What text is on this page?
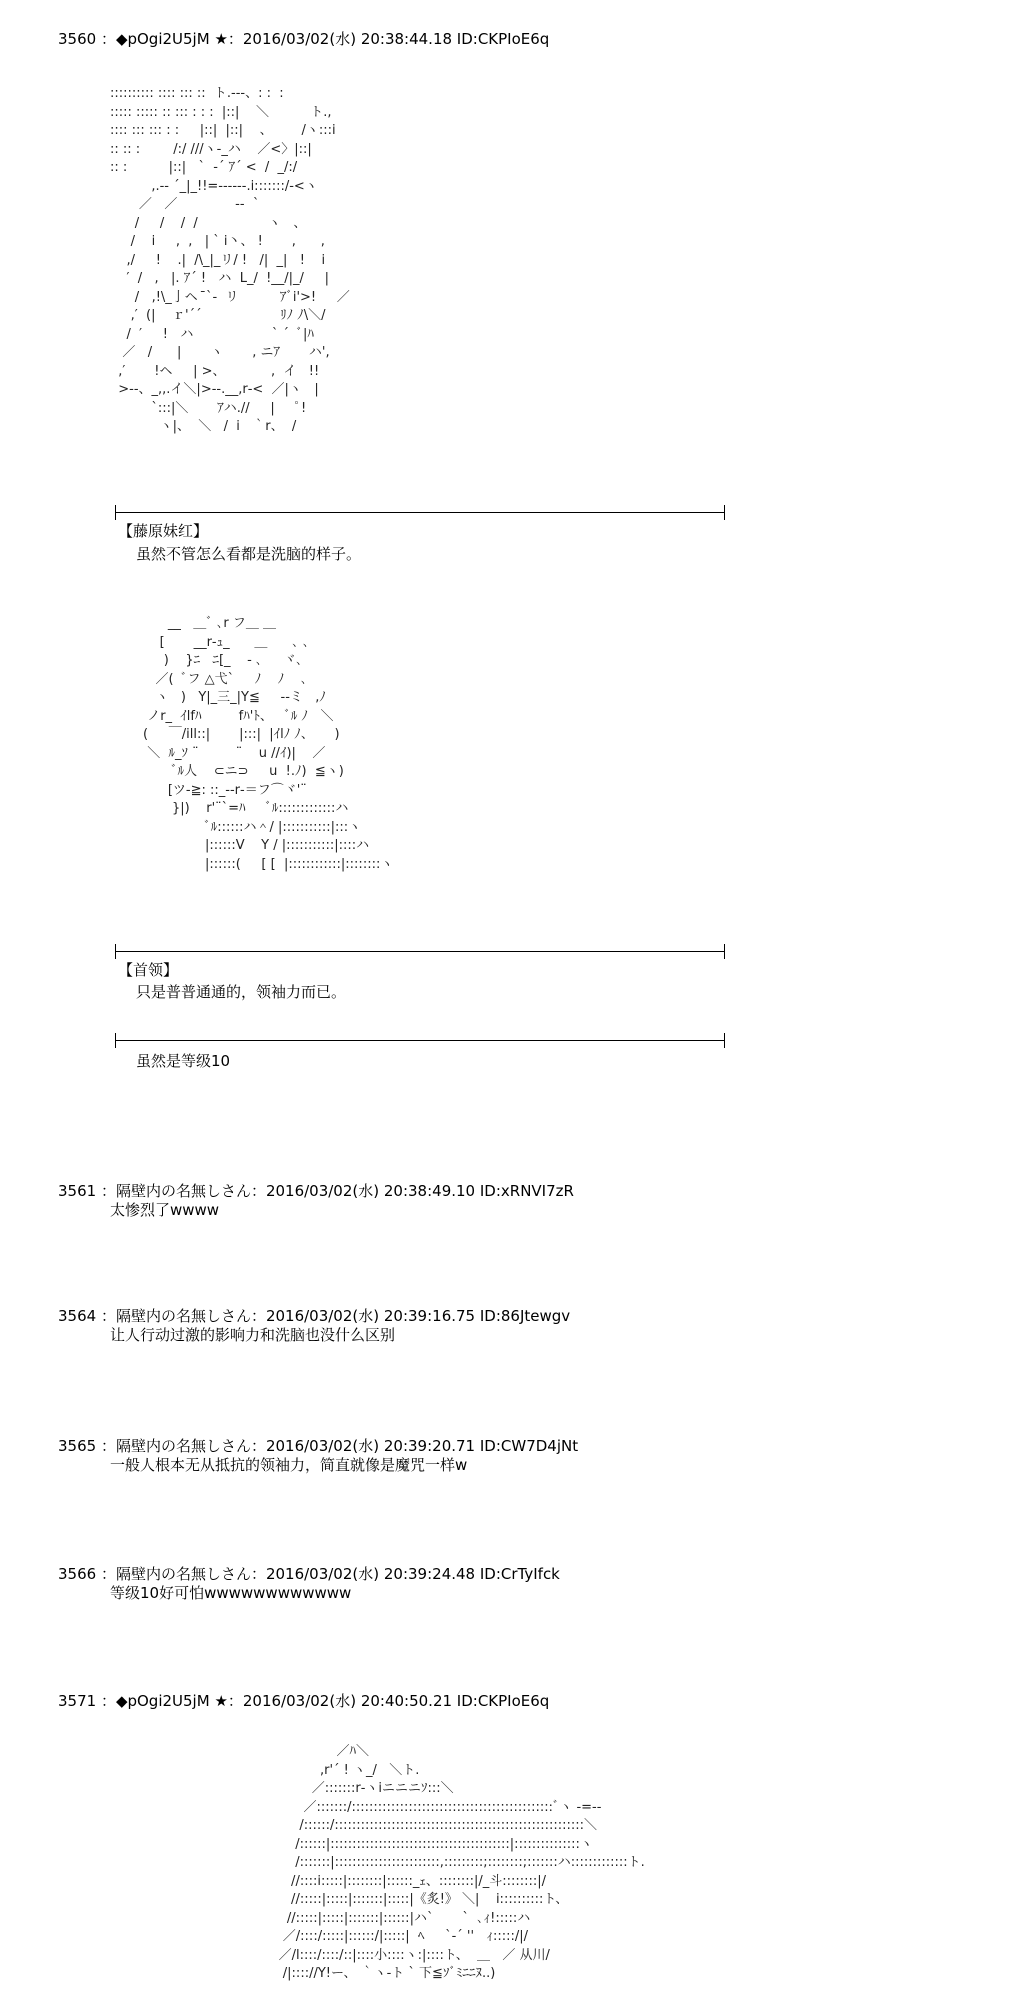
3560 ：◆pOgi2U5jM ★：2016/03/02(水) 20:38:44.18 ID:CKPIoE6q
:::::::::: :::: ::: ::  ト.--‐、: :  :
::::: ::::: :: ::: : : :  |::|    ＼          ト.,
:::: ::: ::: : :     |::|  |::|    、       /ヽ:::i
:: :: :        /:/ ///ヽ-_ハ    ／<〉|::|
:: :          |::|   `  ‐´ ｱ´ <  /  _/:/
,.-‐ ´_|_!!=-‐‐‐‐-.i:::::::/‐<ヽ
／   ／              ‐-  `
/     /    /  /                 ヽ   、
/    i     ,  ,   | ` i丶、 !       ,      ,
,/     !    .|  /\_|_リ/ !   /|  _|   !    i
′  /   ,   |. ｱ´ !   ハ  L_/  !__/|_/     |
/   ,!\_亅ヘ  ̄`-  リ          ｱﾞi'>!     ／
,′  (|    ｒ'´´                   ﾘﾉ ﾉ\＼/
/  ′     !   ハ                   ` ´  ﾞ|ﾊ
／   /      |       ヽ       , ニｱ       ハ',
,′       !ヘ     | >、           ,  イ   !!
>-‐、_,,.イ＼|>‐-.__,r‐<  ／|ヽ   |
`:::|＼       ｱハ.//     |     ﾟ!
ヽ|、  ＼   /  i   ｀r、  /
【藤原妹红】
虽然不管怎么看都是洗脑的样子。
__   ＿ﾞ ､r フ＿ ＿
[       __r‐ｭ_      ＿      ､ ､
)    }ﾆ   ﾆ[_    ‐ ､     ヾ､
／(  ﾞフ △弋`     ﾉ    ﾉ    ､
ヽ   )   Y|_三_|Y≦     ‐‐ミ   ,ﾉ
ノr_  ｲlfﾊ         fﾊ'ﾄ、   ﾞﾙ ﾉ   ＼
(     ￣/ill::|       |:::|  |ｲlﾉ ﾉ、     )
＼  ﾙ_ｿ ¨         ¨    u //ｲ)|    ／
ﾞﾙ人    ⊂ニ⊃     u  !.ﾉ)  ≦ヽ)
[ツ‐≧: ::_‐-r‐＝フ⌒ヾ'¨
}|)    r'¨`=ﾊ     ﾞﾙ:::::::::::::ハ
ﾞﾙ::::::ハ＾/ |:::::::::::|:::ヽ
|::::::V    Y / |:::::::::::|::::ハ
|::::::(     [ [  |::::::::::::|::::::::ヽ
【首领】
只是普普通通的，领袖力而已。
虽然是等级10
3561 ：隔壁内の名無しさん：2016/03/02(水) 20:38:49.10 ID:xRNVI7zR
太惨烈了wwww
3564 ：隔壁内の名無しさん：2016/03/02(水) 20:39:16.75 ID:86Jtewgv
让人行动过激的影响力和洗脑也没什么区别
3565 ：隔壁内の名無しさん：2016/03/02(水) 20:39:20.71 ID:CW7D4jNt
一般人根本无从抵抗的领袖力，简直就像是魔咒一样w
3566 ：隔壁内の名無しさん：2016/03/02(水) 20:39:24.48 ID:CrTyIfck
等级10好可怕wwwwwwwwwwww
3571 ：◆pOgi2U5jM ★：2016/03/02(水) 20:40:50.21 ID:CKPIoE6q
／ﾊ＼
,r'´ ! ヽ_/   ＼ト.
／:::::::r‐ヽiニニニｿ:::＼
／:::::::/::::::::::::::::::::::::::::::::::::::::::::::ﾞヽ ‐=‐‐
/::::::/:::::::::::::::::::::::::::::::::::::::::::::::::::::::::＼
/::::::|:::::::::::::::::::::::::::::::::::::::::|:::::::::::::::ヽ
/:::::::|::::::::::::::::::::::::,:::::::::;::::::::;:::::::ハ:::::::::::::ト.
//::::i:::::|::::::::|::::::_ｪ、::::::::|/_斗::::::::|/
//:::::|:::::|:::::::|:::::|《炙!》 ＼|    i::::::::::ト、
//:::::|:::::|:::::::|::::::|ハ`       `  ､ｨ!:::::ハ
／/::::/:::::|::::::/|:::::|  ﾍ     `‐´ ''   ｨ:::::/|/
／/l::::/::::/::|::::小::::ヽ:|::::ト、  ＿   ／ 从川/
/|:::://Y!ー、 ｀ヽ‐ト ` 下≦ｿﾞﾐﾆﾆﾇ..)
